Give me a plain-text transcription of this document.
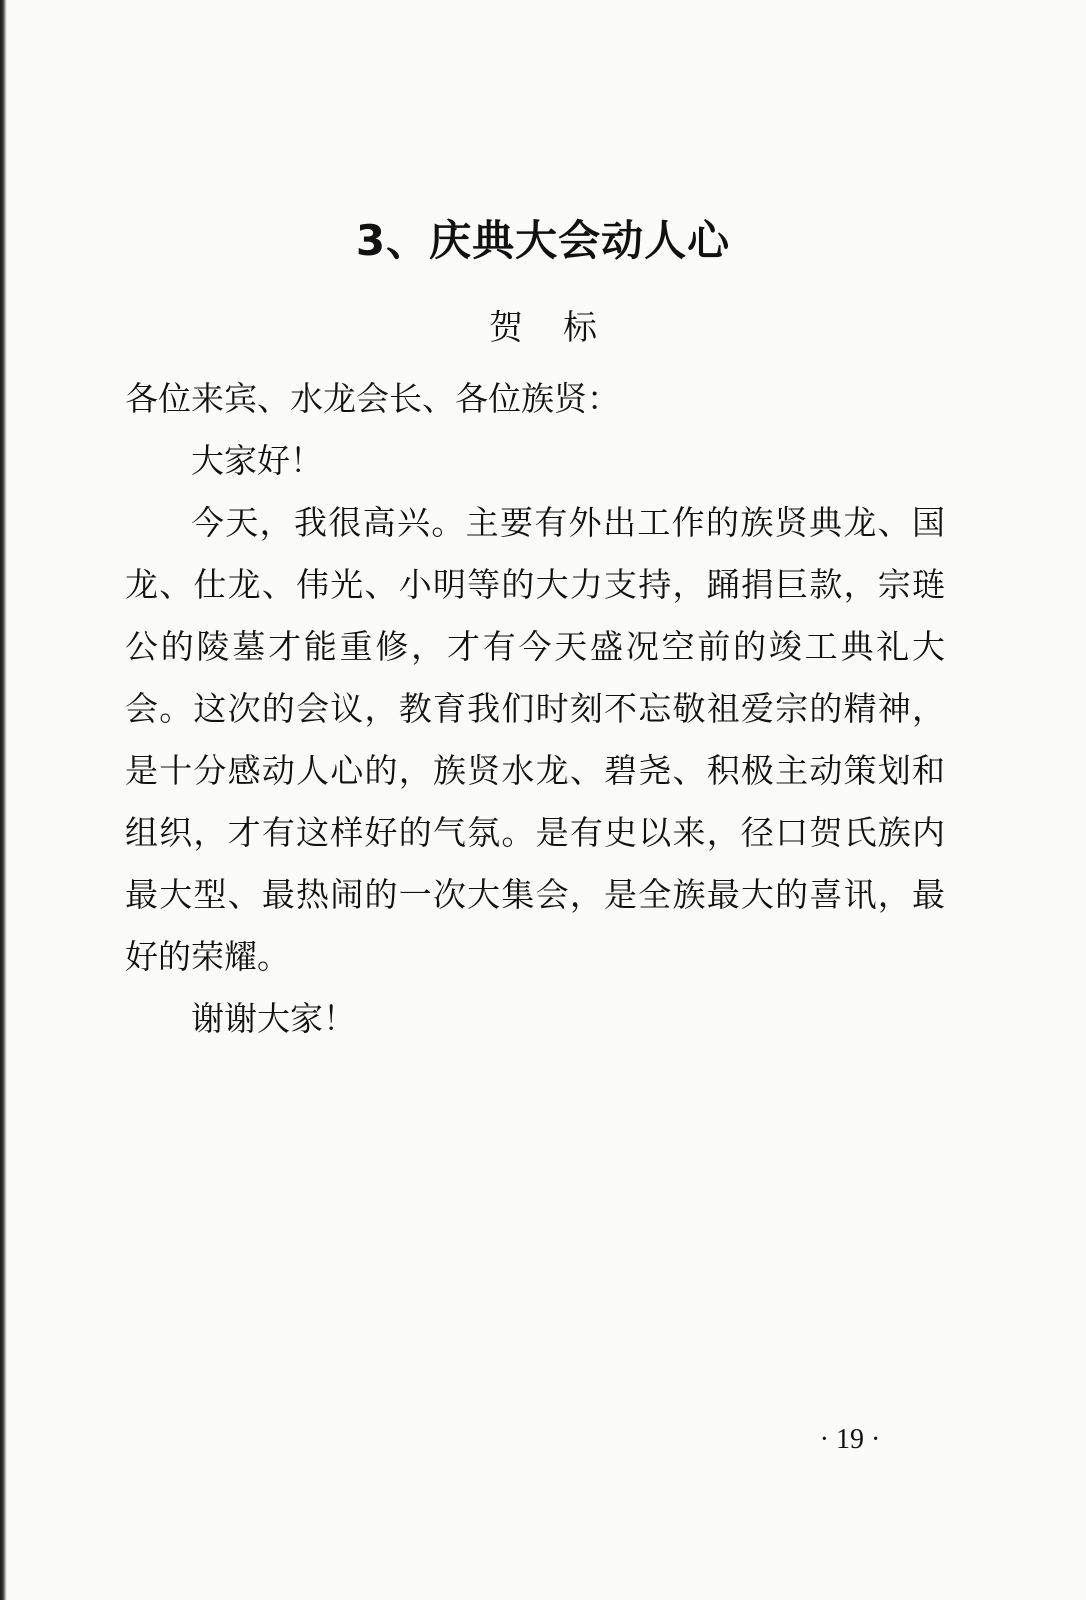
3、庆典大会动人心
贺标

各位来宾、水龙会长、各位族贤：

大家好！

今天，我很高兴。主要有外出工作的族贤典龙、国龙、仕龙、伟光、小明等的大力支持，踊捐巨款，宗琏公的陵墓才能重修，才有今天盛况空前的竣工典礼大会。这次的会议，教育我们时刻不忘敬祖爱宗的精神，是十分感动人心的，族贤水龙、碧尧、积极主动策划和组织，才有这样好的气氛。是有史以来，径口贺氏族内最大型、最热闹的一次大集会，是全族最大的喜讯，最好的荣耀。

谢谢大家！

· 19 ·
